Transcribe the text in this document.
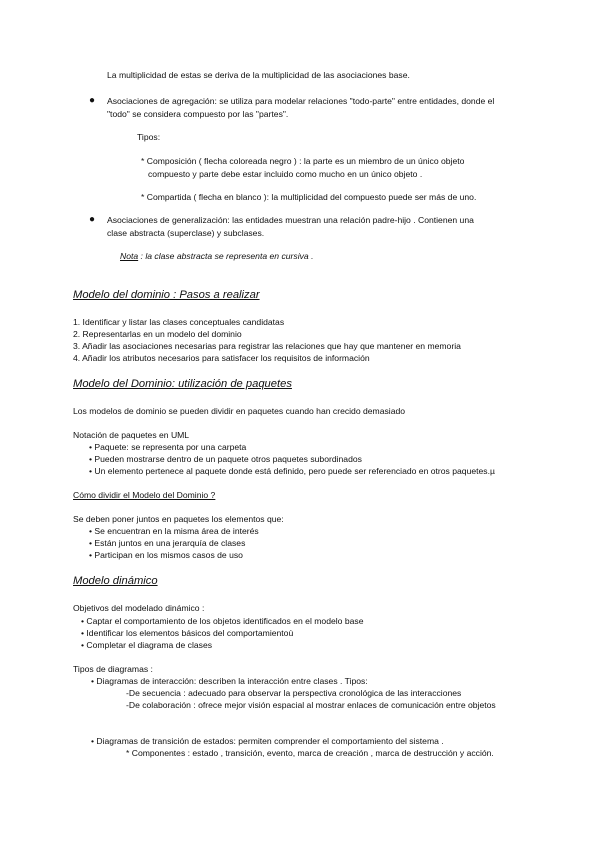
La multiplicidad de estas se deriva de la multiplicidad de las asociaciones base.
● Asociaciones de agregación: se utiliza para modelar relaciones "todo-parte" entre entidades, donde el
"todo" se considera compuesto por las "partes".
Tipos:
* Composición ( flecha coloreada negro ) : la parte es un miembro de un único objeto
compuesto y parte debe estar incluido como mucho en un único objeto .
* Compartida ( flecha en blanco ): la multiplicidad del compuesto puede ser más de uno.
● Asociaciones de generalización: las entidades muestran una relación padre-hijo . Contienen una
clase abstracta (superclase) y subclases.
Nota : la clase abstracta se representa en cursiva .
Modelo del dominio : Pasos a realizar
1. Identificar y listar las clases conceptuales candidatas
2. Representarlas en un modelo del dominio
3. Añadir las asociaciones necesarias para registrar las relaciones que hay que mantener en memoria
4. Añadir los atributos necesarios para satisfacer los requisitos de información
Modelo del Dominio: utilización de paquetes
Los modelos de dominio se pueden dividir en paquetes cuando han crecido demasiado
Notación de paquetes en UML
• Paquete: se representa por una carpeta
• Pueden mostrarse dentro de un paquete otros paquetes subordinados
• Un elemento pertenece al paquete donde está definido, pero puede ser referenciado en otros paquetes.µ
Cómo dividir el Modelo del Dominio ?
Se deben poner juntos en paquetes los elementos que:
• Se encuentran en la misma área de interés
• Están juntos en una jerarquía de clases
• Participan en los mismos casos de uso
Modelo dinámico
Objetivos del modelado dinámico :
• Captar el comportamiento de los objetos identificados en el modelo base
• Identificar los elementos básicos del comportamientoù
• Completar el diagrama de clases
Tipos de diagramas :
• Diagramas de interacción: describen la interacción entre clases . Tipos:
-De secuencia : adecuado para observar la perspectiva cronológica de las interacciones
-De colaboración : ofrece mejor visión espacial al mostrar enlaces de comunicación entre objetos
• Diagramas de transición de estados: permiten comprender el comportamiento del sistema .
* Componentes : estado , transición, evento, marca de creación , marca de destrucción y acción.
